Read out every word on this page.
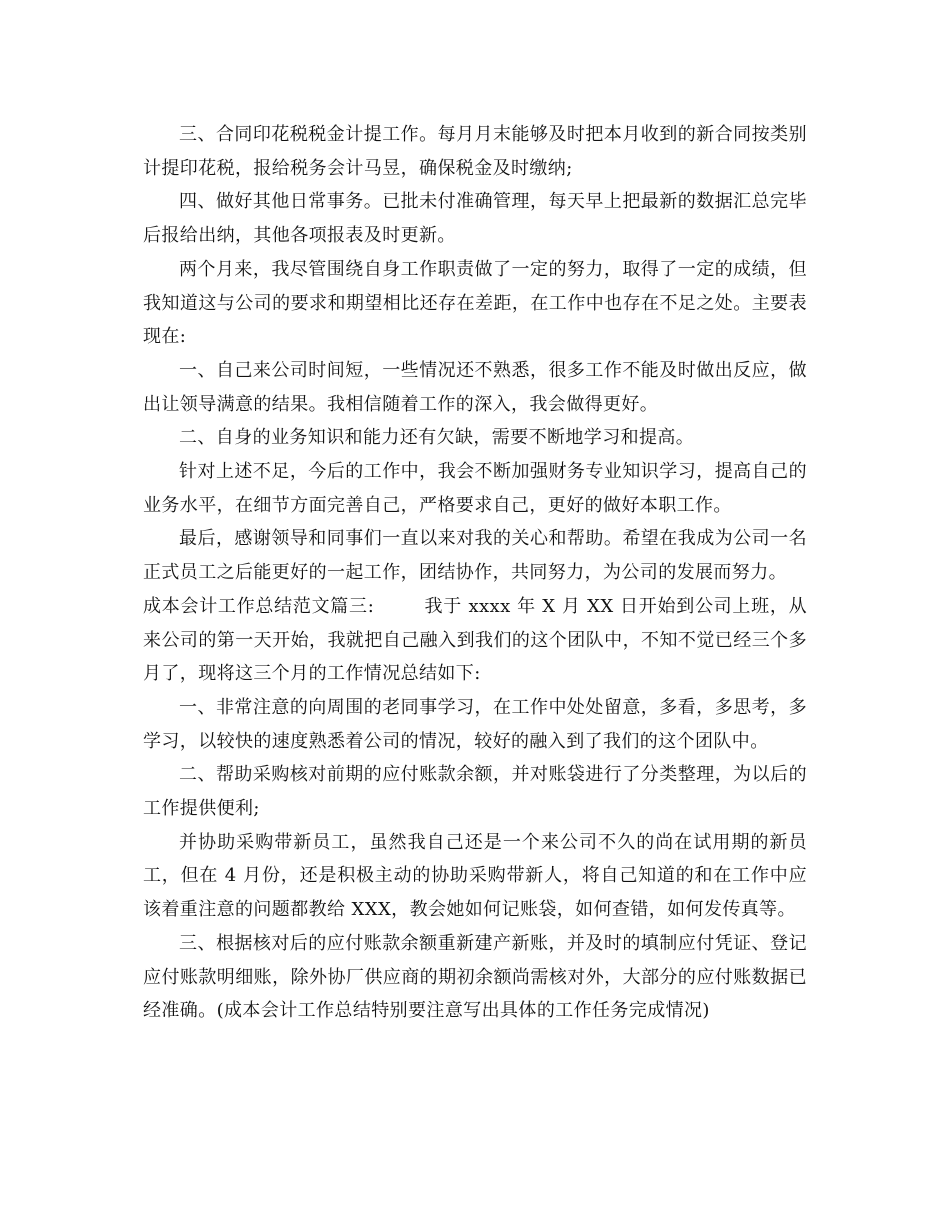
三、合同印花税税金计提工作。每月月末能够及时把本月收到的新合同按类别计提印花税，报给税务会计马昱，确保税金及时缴纳;

四、做好其他日常事务。已批未付准确管理，每天早上把最新的数据汇总完毕后报给出纳，其他各项报表及时更新。

两个月来，我尽管围绕自身工作职责做了一定的努力，取得了一定的成绩，但我知道这与公司的要求和期望相比还存在差距，在工作中也存在不足之处。主要表现在:

一、自己来公司时间短，一些情况还不熟悉，很多工作不能及时做出反应，做出让领导满意的结果。我相信随着工作的深入，我会做得更好。

二、自身的业务知识和能力还有欠缺，需要不断地学习和提高。

针对上述不足，今后的工作中，我会不断加强财务专业知识学习，提高自己的业务水平，在细节方面完善自己，严格要求自己，更好的做好本职工作。

最后，感谢领导和同事们一直以来对我的关心和帮助。希望在我成为公司一名正式员工之后能更好的一起工作，团结协作，共同努力，为公司的发展而努力。

成本会计工作总结范文篇三:	我于 xxxx 年 X 月 XX 日开始到公司上班，从来公司的第一天开始，我就把自己融入到我们的这个团队中，不知不觉已经三个多月了，现将这三个月的工作情况总结如下:

一、非常注意的向周围的老同事学习，在工作中处处留意，多看，多思考，多学习，以较快的速度熟悉着公司的情况，较好的融入到了我们的这个团队中。

二、帮助采购核对前期的应付账款余额，并对账袋进行了分类整理，为以后的工作提供便利;

并协助采购带新员工，虽然我自己还是一个来公司不久的尚在试用期的新员工，但在 4 月份，还是积极主动的协助采购带新人，将自己知道的和在工作中应该着重注意的问题都教给 XXX，教会她如何记账袋，如何查错，如何发传真等。

三、根据核对后的应付账款余额重新建产新账，并及时的填制应付凭证、登记应付账款明细账，除外协厂供应商的期初余额尚需核对外，大部分的应付账数据已经准确。(成本会计工作总结特别要注意写出具体的工作任务完成情况)
